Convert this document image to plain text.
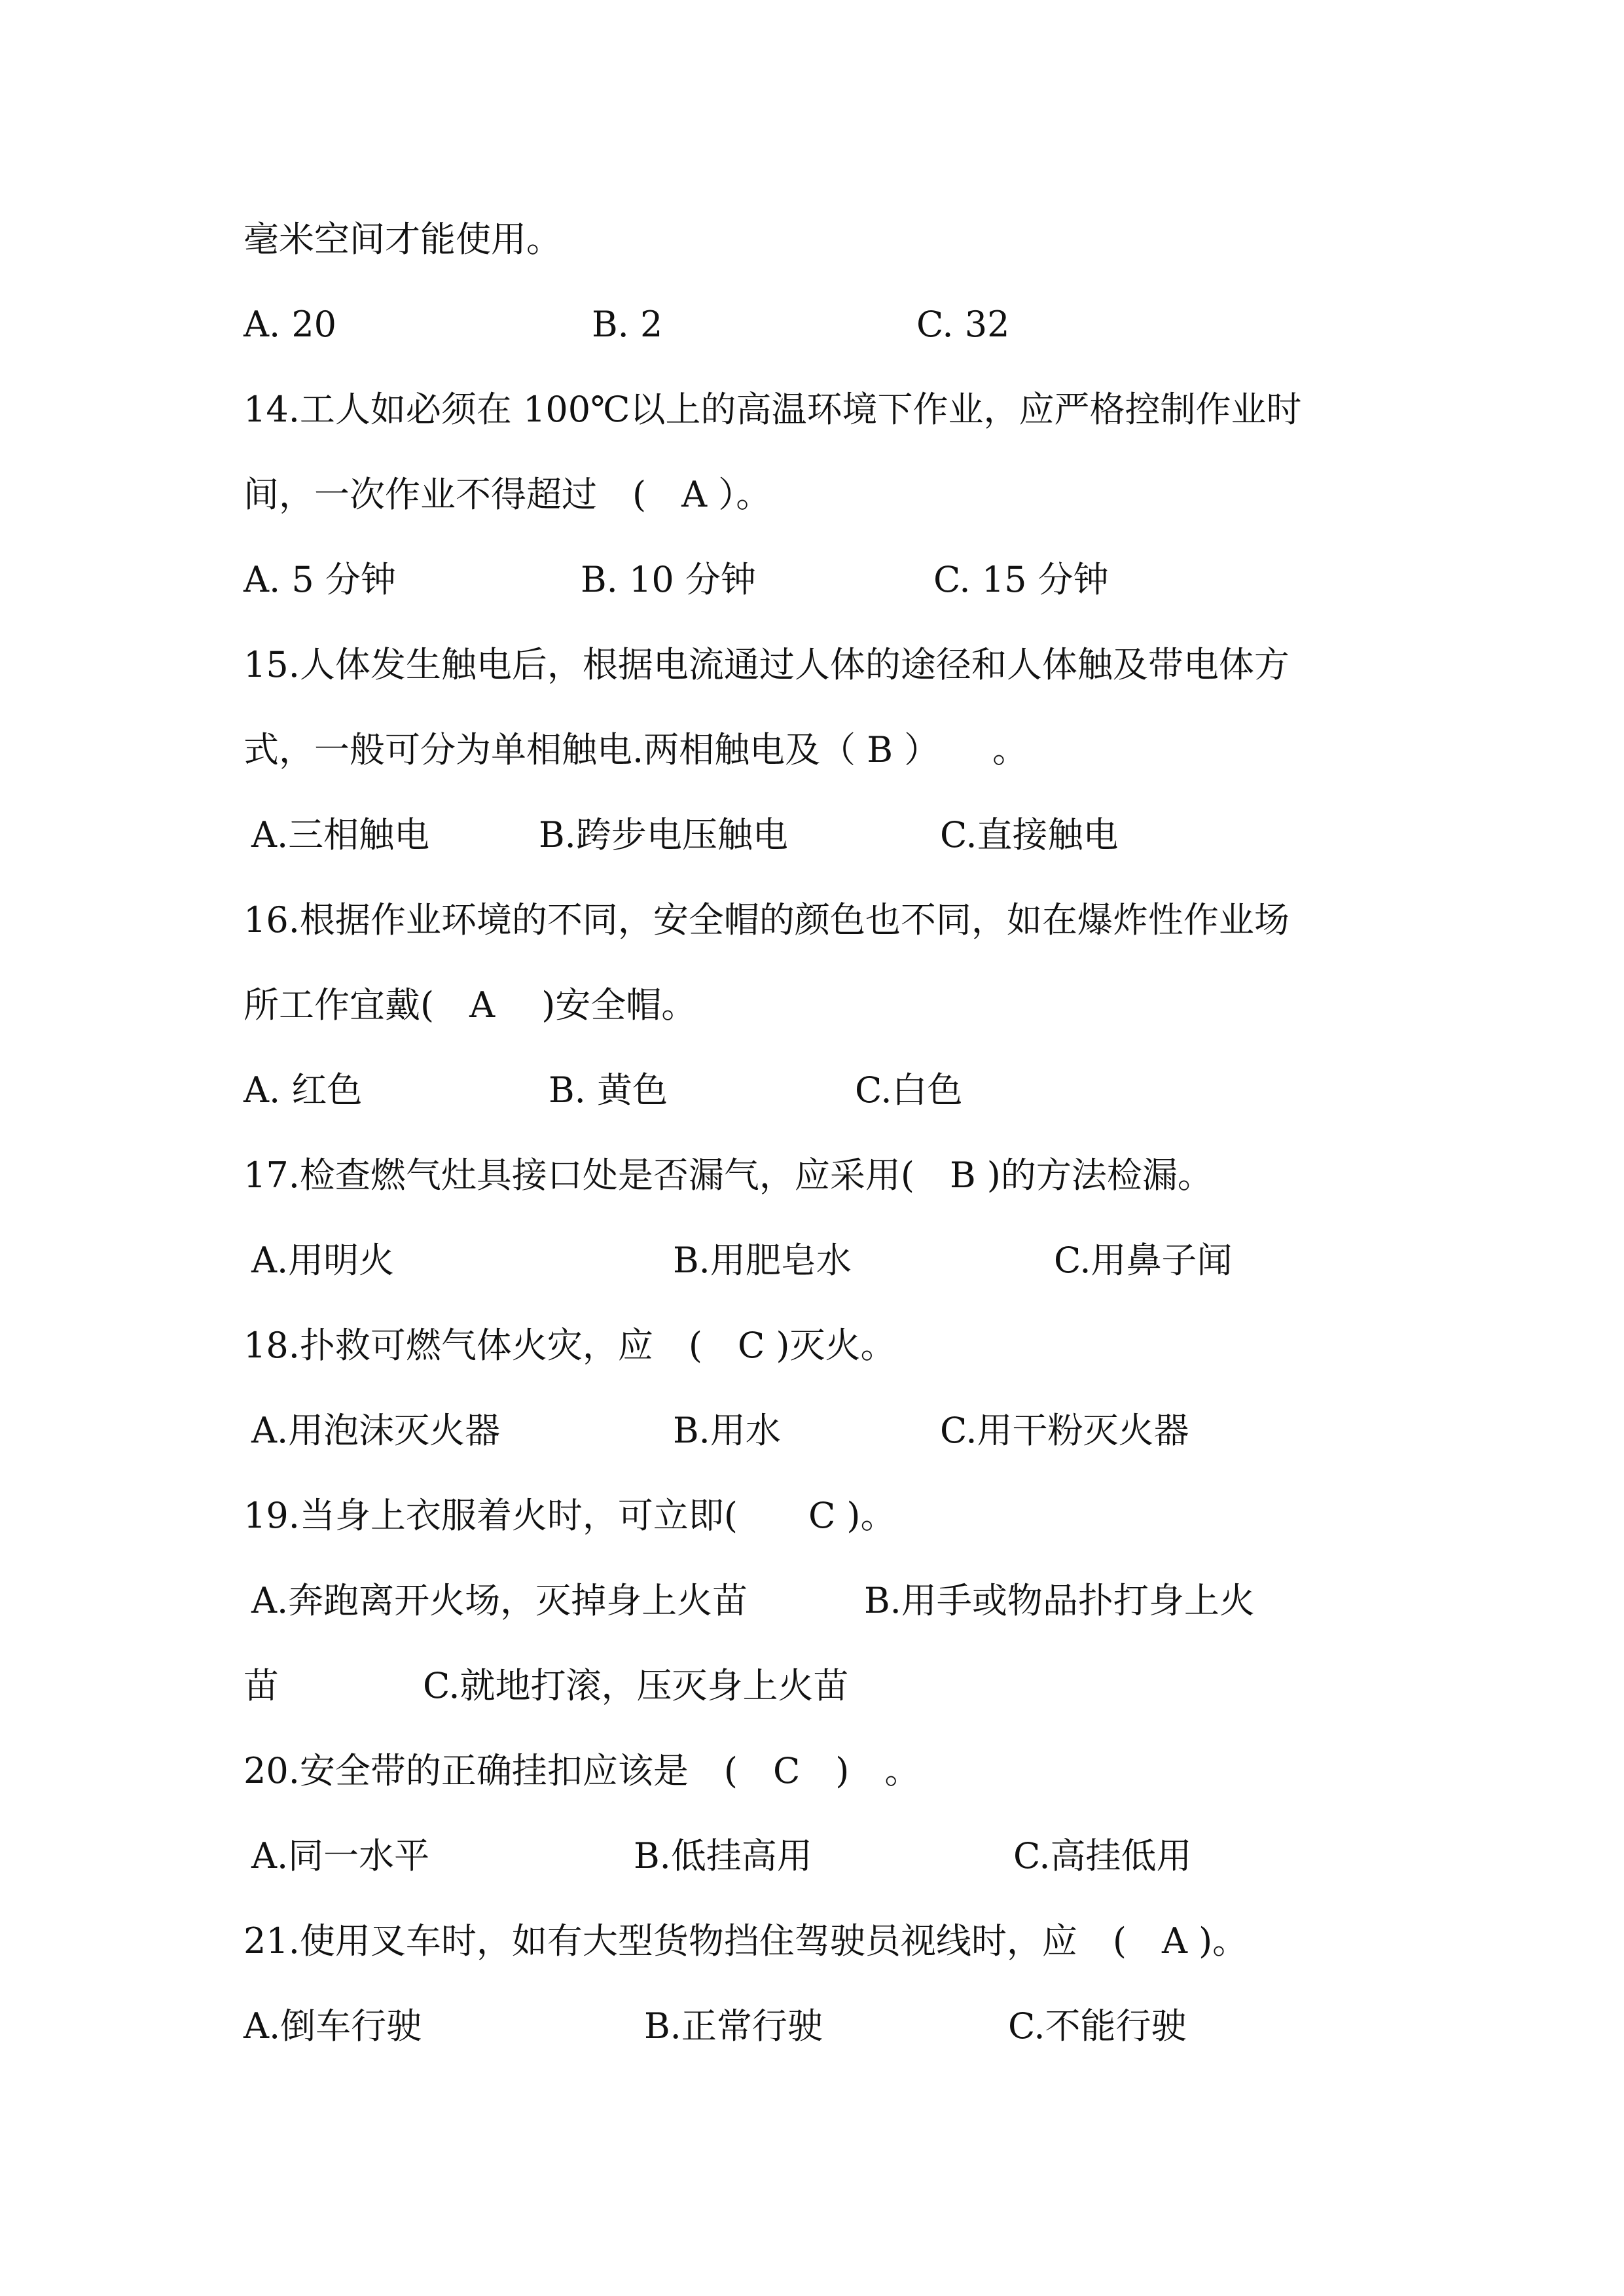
毫米空间才能使用。
A. 20	B. 2	C. 32
14.工人如必须在 100℃以上的高温环境下作业，应严格控制作业时
间，一次作业不得超过　(　A ）。
A. 5 分钟	B. 10 分钟	C. 15 分钟
15.人体发生触电后，根据电流通过人体的途径和人体触及带电体方
式，一般可分为单相触电.两相触电及（ B ）　　。
A.三相触电	B.跨步电压触电	C.直接触电
16.根据作业环境的不同，安全帽的颜色也不同，如在爆炸性作业场
所工作宜戴(　A　 )安全帽。
A. 红色	B. 黄色	C.白色
17.检查燃气灶具接口处是否漏气，应采用(　B )的方法检漏。
A.用明火	B.用肥皂水	C.用鼻子闻
18.扑救可燃气体火灾，应　(　C )灭火。
A.用泡沫灭火器	B.用水	C.用干粉灭火器
19.当身上衣服着火时，可立即(　　C )。
A.奔跑离开火场，灭掉身上火苗	B.用手或物品扑打身上火
苗	C.就地打滚，压灭身上火苗
20.安全带的正确挂扣应该是　(　C　)　。
A.同一水平	B.低挂高用	C.高挂低用
21.使用叉车时，如有大型货物挡住驾驶员视线时，应　(　A )。
A.倒车行驶	B.正常行驶	C.不能行驶
